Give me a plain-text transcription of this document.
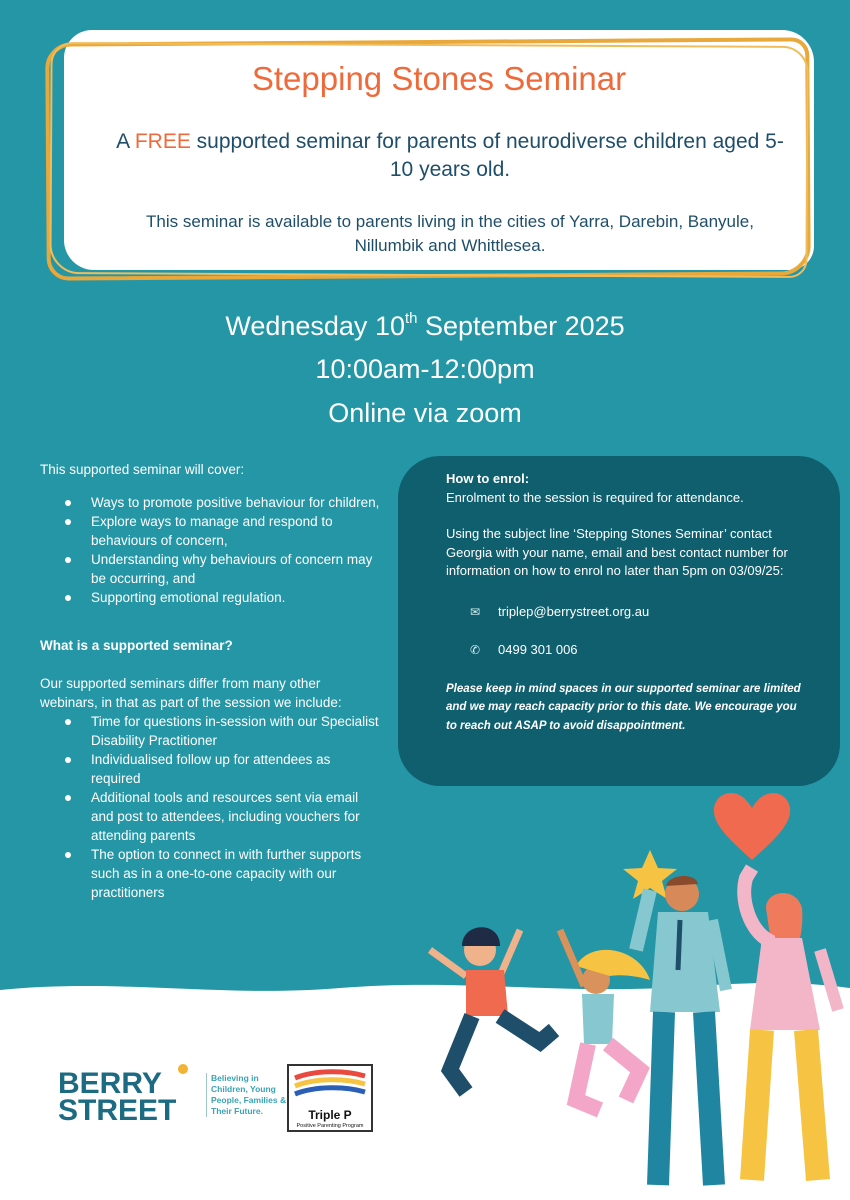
Stepping Stones Seminar
A FREE supported seminar for parents of neurodiverse children aged 5-10 years old.
This seminar is available to parents living in the cities of Yarra, Darebin, Banyule, Nillumbik and Whittlesea.
Wednesday 10th September 2025
10:00am-12:00pm
Online via zoom
This supported seminar will cover:
Ways to promote positive behaviour for children,
Explore ways to manage and respond to behaviours of concern,
Understanding why behaviours of concern may be occurring, and
Supporting emotional regulation.
What is a supported seminar?
Our supported seminars differ from many other webinars, in that as part of the session we include:
Time for questions in-session with our Specialist Disability Practitioner
Individualised follow up for attendees as required
Additional tools and resources sent via email and post to attendees, including vouchers for attending parents
The option to connect in with further supports such as in a one-to-one capacity with our practitioners
How to enrol:
Enrolment to the session is required for attendance.
Using the subject line ‘Stepping Stones Seminar’ contact Georgia with your name, email and best contact number for information on how to enrol no later than 5pm on 03/09/25:
✉	triplep@berrystreet.org.au
✆	0499 301 006
Please keep in mind spaces in our supported seminar are limited and we may reach capacity prior to this date. We encourage you to reach out ASAP to avoid disappointment.
BERRY
STREET
Believing in Children, Young People, Families & Their Future.	Triple P
Positive Parenting Program
